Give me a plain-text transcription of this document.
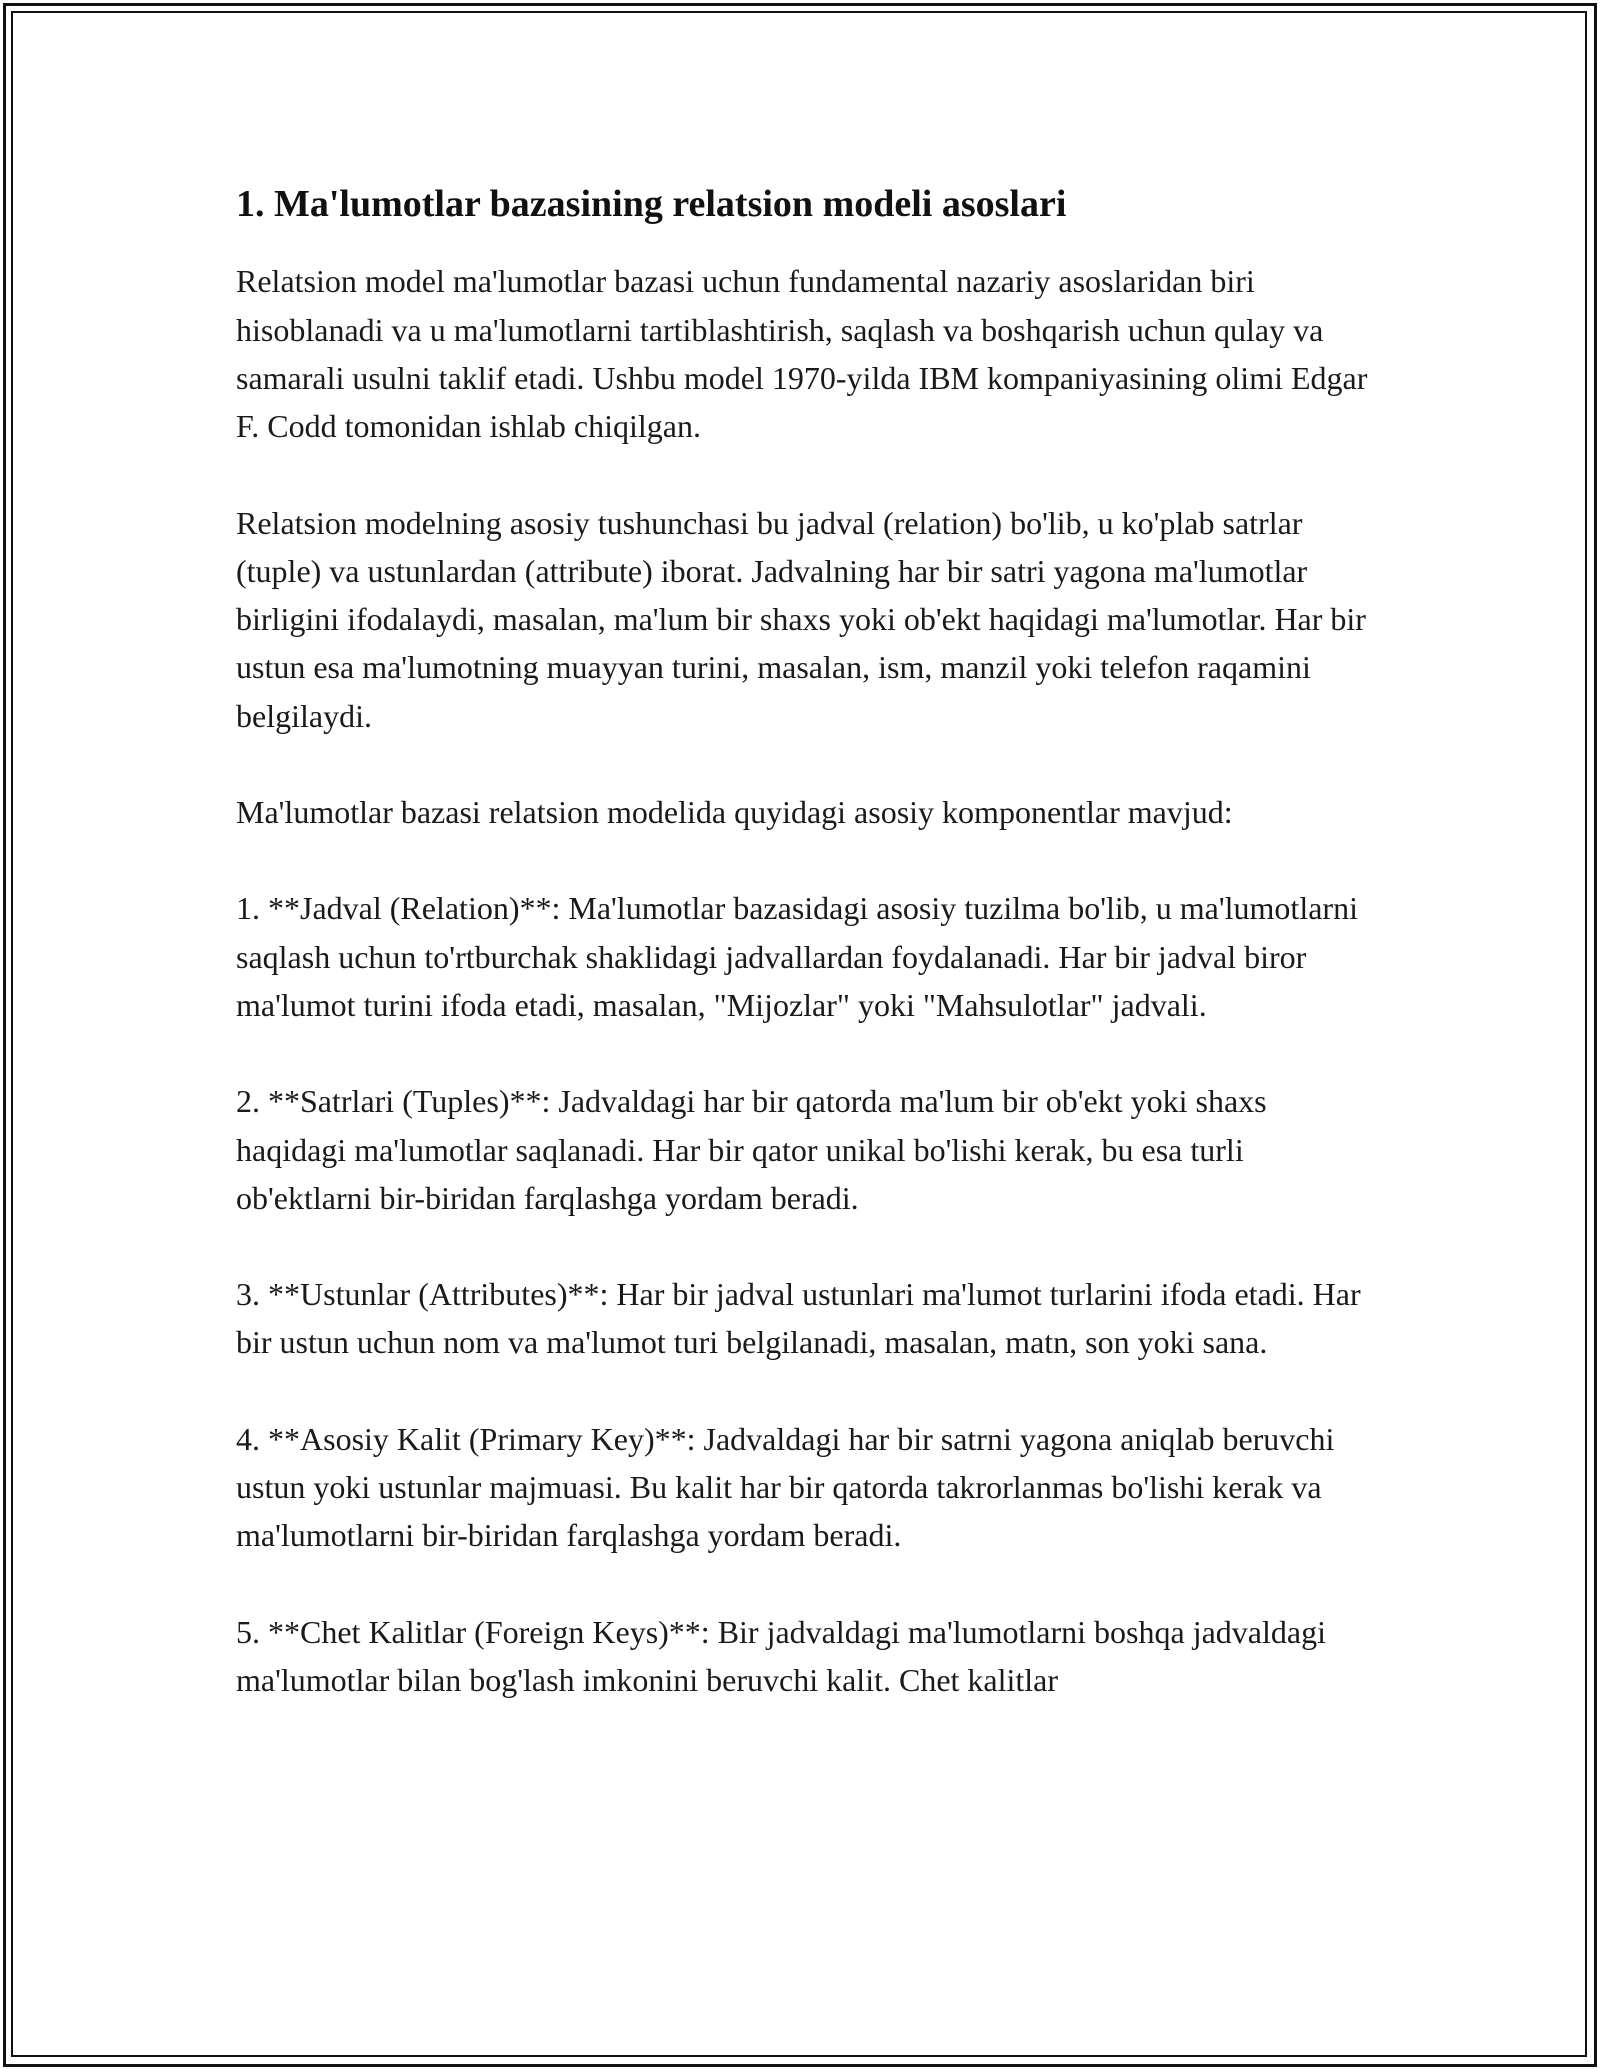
1. Ma'lumotlar bazasining relatsion modeli asoslari

Relatsion model ma'lumotlar bazasi uchun fundamental nazariy asoslaridan biri hisoblanadi va u ma'lumotlarni tartiblashtirish, saqlash va boshqarish uchun qulay va samarali usulni taklif etadi. Ushbu model 1970-yilda IBM kompaniyasining olimi Edgar F. Codd tomonidan ishlab chiqilgan.

Relatsion modelning asosiy tushunchasi bu jadval (relation) bo'lib, u ko'plab satrlar (tuple) va ustunlardan (attribute) iborat. Jadvalning har bir satri yagona ma'lumotlar birligini ifodalaydi, masalan, ma'lum bir shaxs yoki ob'ekt haqidagi ma'lumotlar. Har bir ustun esa ma'lumotning muayyan turini, masalan, ism, manzil yoki telefon raqamini belgilaydi.

Ma'lumotlar bazasi relatsion modelida quyidagi asosiy komponentlar mavjud:

1. **Jadval (Relation)**: Ma'lumotlar bazasidagi asosiy tuzilma bo'lib, u ma'lumotlarni saqlash uchun to'rtburchak shaklidagi jadvallardan foydalanadi. Har bir jadval biror ma'lumot turini ifoda etadi, masalan, "Mijozlar" yoki "Mahsulotlar" jadvali.

2. **Satrlari (Tuples)**: Jadvaldagi har bir qatorda ma'lum bir ob'ekt yoki shaxs haqidagi ma'lumotlar saqlanadi. Har bir qator unikal bo'lishi kerak, bu esa turli ob'ektlarni bir-biridan farqlashga yordam beradi.

3. **Ustunlar (Attributes)**: Har bir jadval ustunlari ma'lumot turlarini ifoda etadi. Har bir ustun uchun nom va ma'lumot turi belgilanadi, masalan, matn, son yoki sana.

4. **Asosiy Kalit (Primary Key)**: Jadvaldagi har bir satrni yagona aniqlab beruvchi ustun yoki ustunlar majmuasi. Bu kalit har bir qatorda takrorlanmas bo'lishi kerak va ma'lumotlarni bir-biridan farqlashga yordam beradi.

5. **Chet Kalitlar (Foreign Keys)**: Bir jadvaldagi ma'lumotlarni boshqa jadvaldagi ma'lumotlar bilan bog'lash imkonini beruvchi kalit. Chet kalitlar
